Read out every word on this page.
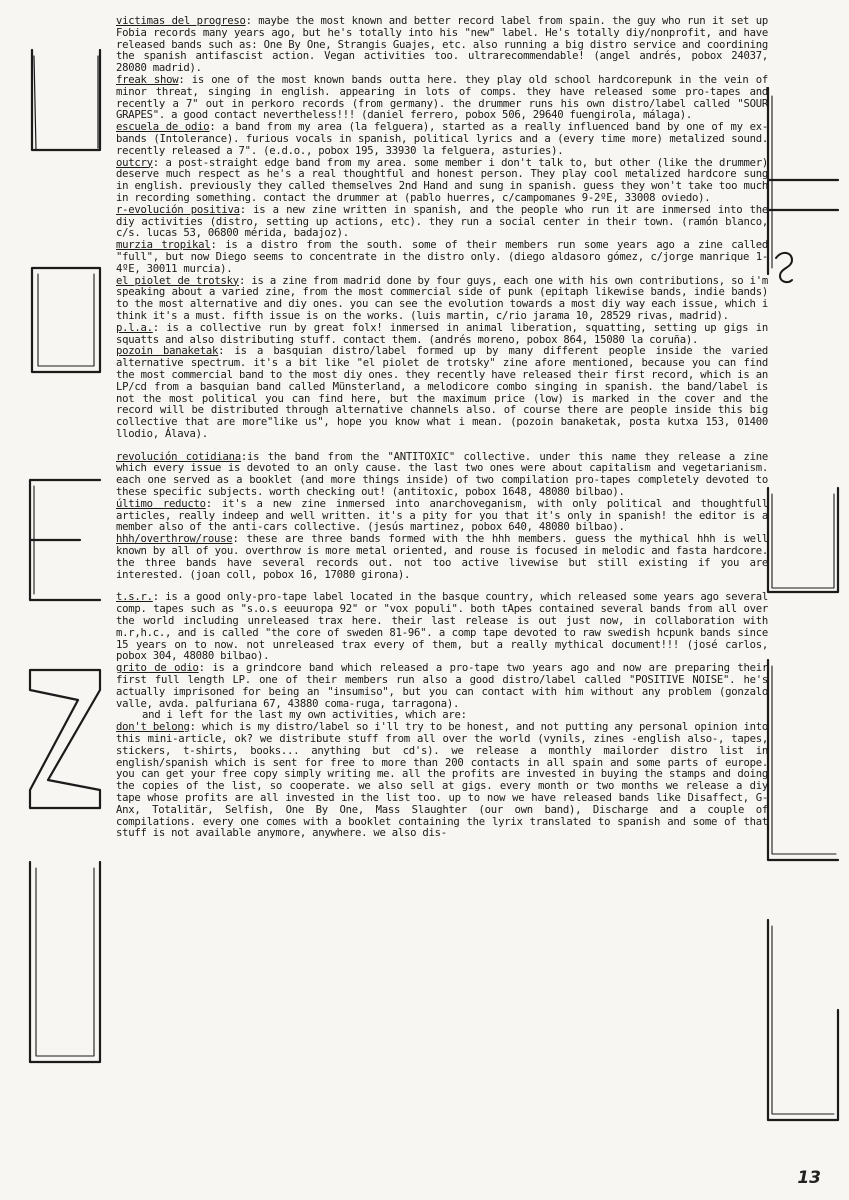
victimas del progreso: maybe the most known and better record label from spain. the guy who run it set up Fobia records many years ago, but he's totally into his "new" label. He's totally diy/nonprofit, and have released bands such as: One By One, Strangis Guajes, etc. also running a big distro service and coordining the spanish antifascist action. Vegan activities too. ultrarecommendable! (angel andrés, pobox 24037, 28080 madrid).

freak show: is one of the most known bands outta here. they play old school hardcorepunk in the vein of minor threat, singing in english. appearing in lots of comps. they have released some pro-tapes and recently a 7" out in perkoro records (from germany). the drummer runs his own distro/label called "SOUR GRAPES". a good contact nevertheless!!! (daniel ferrero, pobox 506, 29640 fuengirola, málaga).

escuela de odio: a band from my area (la felguera), started as a really influenced band by one of my ex-bands (Intolerance). furious vocals in spanish, political lyrics and a (every time more) metalized sound. recently released a 7". (e.d.o., pobox 195, 33930 la felguera, asturies).

outcry: a post-straight edge band from my area. some member i don't talk to, but other (like the drummer) deserve much respect as he's a real thoughtful and honest person. They play cool metalized hardcore sung in english. previously they called themselves 2nd Hand and sung in spanish. guess they won't take too much in recording something. contact the drummer at (pablo huerres, c/campomanes 9-2ºE, 33008 oviedo).

r-evolución positiva: is a new zine written in spanish, and the people who run it are inmersed into the diy activities (distro, setting up actions, etc). they run a social center in their town. (ramón blanco, c/s. lucas 53, 06800 mérida, badajoz).

murzia tropikal: is a distro from the south. some of their members run some years ago a zine called "full", but now Diego seems to concentrate in the distro only. (diego aldasoro gómez, c/jorge manrique 1-4ºE, 30011 murcia).

el piolet de trotsky: is a zine from madrid done by four guys, each one with his own contributions, so i'm speaking about a varied zine, from the most commercial side of punk (epitaph likewise bands, indie bands) to the most alternative and diy ones. you can see the evolution towards a most diy way each issue, which i think it's a must. fifth issue is on the works. (luis martin, c/rio jarama 10, 28529 rivas, madrid).

p.l.a.: is a collective run by great folx! inmersed in animal liberation, squatting, setting up gigs in squatts and also distributing stuff. contact them. (andrés moreno, pobox 864, 15080 la coruña).

pozoin banaketak: is a basquian distro/label formed up by many different people inside the varied alternative spectrum. it's a bit like "el piolet de trotsky" zine afore mentioned, because you can find the most commercial band to the most diy ones. they recently have released their first record, which is an LP/cd from a basquian band called Münsterland, a melodicore combo singing in spanish. the band/label is not the most political you can find here, but the maximum price (low) is marked in the cover and the record will be distributed through alternative channels also. of course there are people inside this big collective that are more"like us", hope you know what i mean. (pozoin banaketak, posta kutxa 153, 01400 llodio, Álava).

revolución cotidiana:is the band from the "ANTITOXIC" collective. under this name they release a zine which every issue is devoted to an only cause. the last two ones were about capitalism and vegetarianism. each one served as a booklet (and more things inside) of two compilation pro-tapes completely devoted to these specific subjects. worth checking out! (antitoxic, pobox 1648, 48080 bilbao).

último reducto: it's a new zine inmersed into anarchoveganism, with only political and thoughtfull articles, really indeep and well written. it's a pity for you that it's only in spanish! the editor is a member also of the anti-cars collective. (jesús martinez, pobox 640, 48080 bilbao).

hhh/overthrow/rouse: these are three bands formed with the hhh members. guess the mythical hhh is well known by all of you. overthrow is more metal oriented, and rouse is focused in melodic and fasta hardcore. the three bands have several records out. not too active livewise but still existing if you are interested. (joan coll, pobox 16, 17080 girona).

t.s.r.: is a good only-pro-tape label located in the basque country, which released some years ago several comp. tapes such as "s.o.s eeuuropa 92" or "vox populi". both tApes contained several bands from all over the world including unreleased trax here. their last release is out just now, in collaboration with m.r,h.c., and is called "the core of sweden 81-96". a comp tape devoted to raw swedish hcpunk bands since 15 years on to now. not unreleased trax every of them, but a really mythical document!!! (josé carlos, pobox 304, 48080 bilbao).

grito de odio: is a grindcore band which released a pro-tape two years ago and now are preparing their first full length LP. one of their members run also a good distro/label called "POSITIVE NOISE". he's actually imprisoned for being an "insumiso", but you can contact with him without any problem (gonzalo valle, avda. palfuriana 67, 43880 coma-ruga, tarragona).

and i left for the last my own activities, which are:

don't belong: which is my distro/label so i'll try to be honest, and not putting any personal opinion into this mini-article, ok? we distribute stuff from all over the world (vynils, zines -english also-, tapes, stickers, t-shirts, books... anything but cd's). we release a monthly mailorder distro list in english/spanish which is sent for free to more than 200 contacts in all spain and some parts of europe. you can get your free copy simply writing me. all the profits are invested in buying the stamps and doing the copies of the list, so cooperate. we also sell at gigs. every month or two months we release a diy tape whose profits are all invested in the list too. up to now we have released bands like Disaffect, G-Anx, Totalitär, Selfish, One By One, Mass Slaughter (our own band), Discharge and a couple of compilations. every one comes with a booklet containing the lyrix translated to spanish and some of that stuff is not available anymore, anywhere. we also dis-

13
